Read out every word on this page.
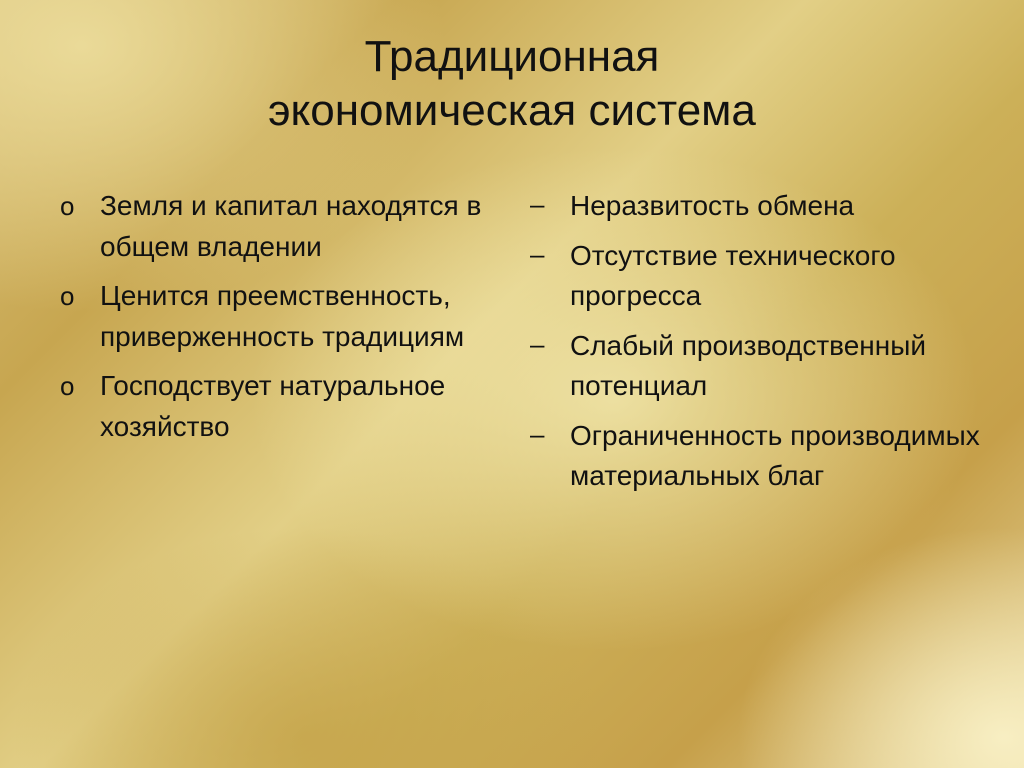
Традиционная
экономическая система
o Земля и капитал находятся в общем владении
o Ценится преемственность, приверженность традициям
o Господствует натуральное хозяйство
– Неразвитость обмена
– Отсутствие технического прогресса
– Слабый производственный потенциал
– Ограниченность производимых материальных благ
